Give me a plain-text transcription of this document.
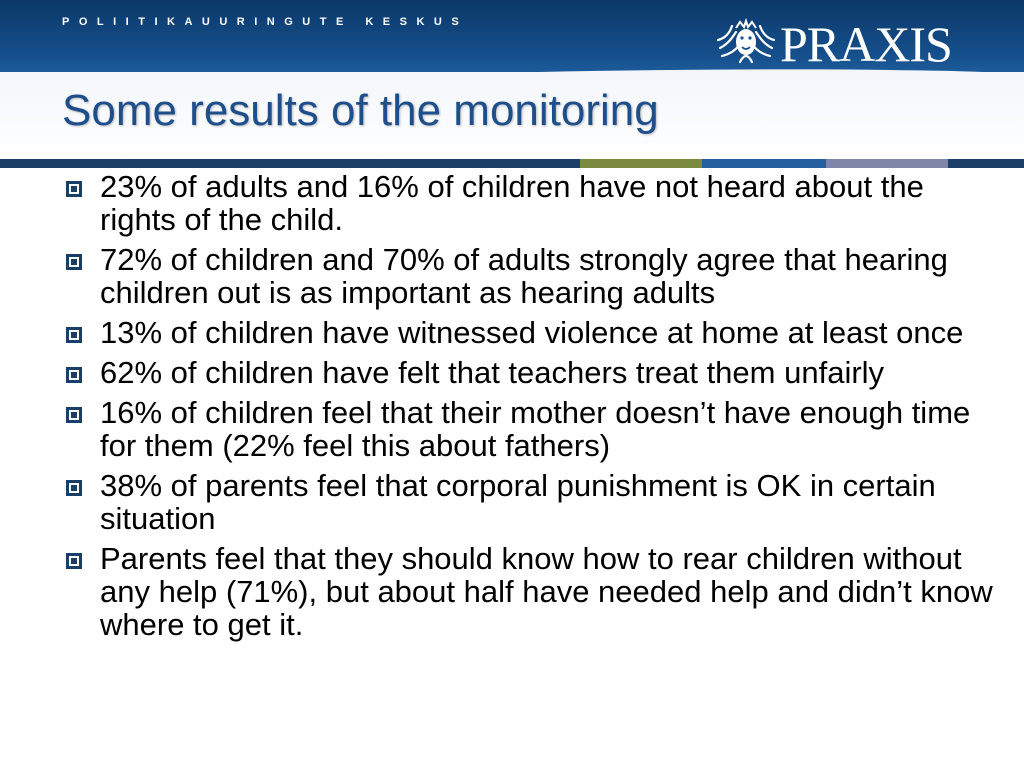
POLIITIKAUURINGUTE KESKUS	PRAXIS
Some results of the monitoring
23% of adults and 16% of children have not heard about the rights of the child.
72% of children and 70% of adults strongly agree that hearing children out is as important as hearing adults
13% of children have witnessed violence at home at least once
62% of children have felt that teachers treat them unfairly
16% of children feel that their mother doesn’t have enough time for them (22% feel this about fathers)
38% of parents feel that corporal punishment is OK in certain situation
Parents feel that they should know how to rear children without any help (71%), but about half have needed help and didn’t know where to get it.
